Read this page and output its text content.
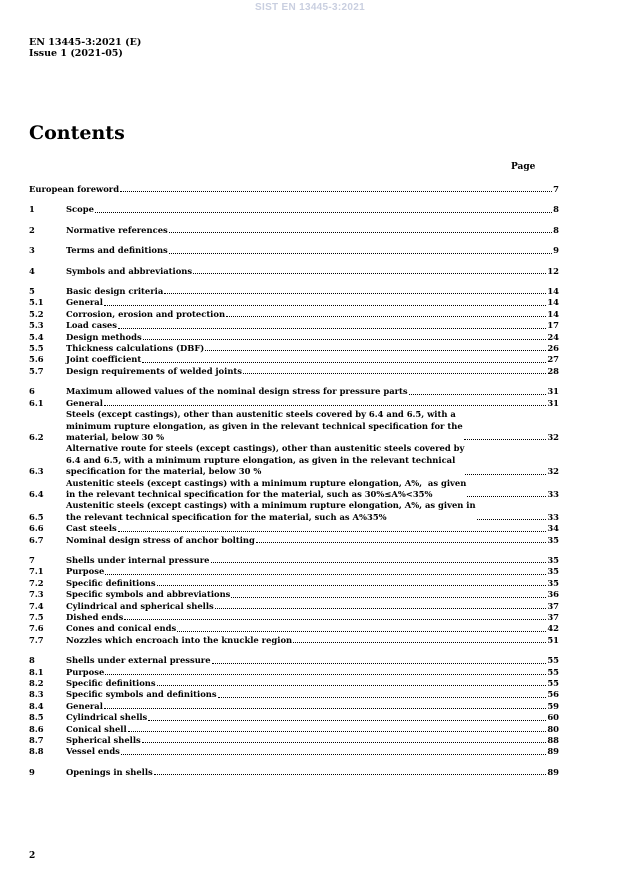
SIST EN 13445-3:2021
EN 13445-3:2021 (E)
Issue 1 (2021-05)
Contents
Page
European foreword	7
1	Scope	8
2	Normative references	8
3	Terms and definitions	9
4	Symbols and abbreviations	12
5	Basic design criteria	14
5.1	General	14
5.2	Corrosion, erosion and protection	14
5.3	Load cases	17
5.4	Design methods	24
5.5	Thickness calculations (DBF)	26
5.6	Joint coefficient	27
5.7	Design requirements of welded joints	28
6	Maximum allowed values of the nominal design stress for pressure parts	31
6.1	General	31
6.2
Steels (except castings), other than austenitic steels covered by 6.4 and 6.5, with a
minimum rupture elongation, as given in the relevant technical specification for the
material, below 30 %	32
6.3
Alternative route for steels (except castings), other than austenitic steels covered by
6.4 and 6.5, with a minimum rupture elongation, as given in the relevant technical
specification for the material, below 30 %	32
6.4
Austenitic steels (except castings) with a minimum rupture elongation, A%,  as given
in the relevant technical specification for the material, such as 30%≤A%<35%	33
6.5
Austenitic steels (except castings) with a minimum rupture elongation, A%, as given in
the relevant technical specification for the material, such as A%35%	33
6.6	Cast steels	34
6.7	Nominal design stress of anchor bolting	35
7	Shells under internal pressure	35
7.1	Purpose	35
7.2	Specific definitions	35
7.3	Specific symbols and abbreviations	36
7.4	Cylindrical and spherical shells	37
7.5	Dished ends	37
7.6	Cones and conical ends	42
7.7	Nozzles which encroach into the knuckle region	51
8	Shells under external pressure	55
8.1	Purpose	55
8.2	Specific definitions	55
8.3	Specific symbols and definitions	56
8.4	General	59
8.5	Cylindrical shells	60
8.6	Conical shell	80
8.7	Spherical shells	88
8.8	Vessel ends	89
9	Openings in shells	89
2
